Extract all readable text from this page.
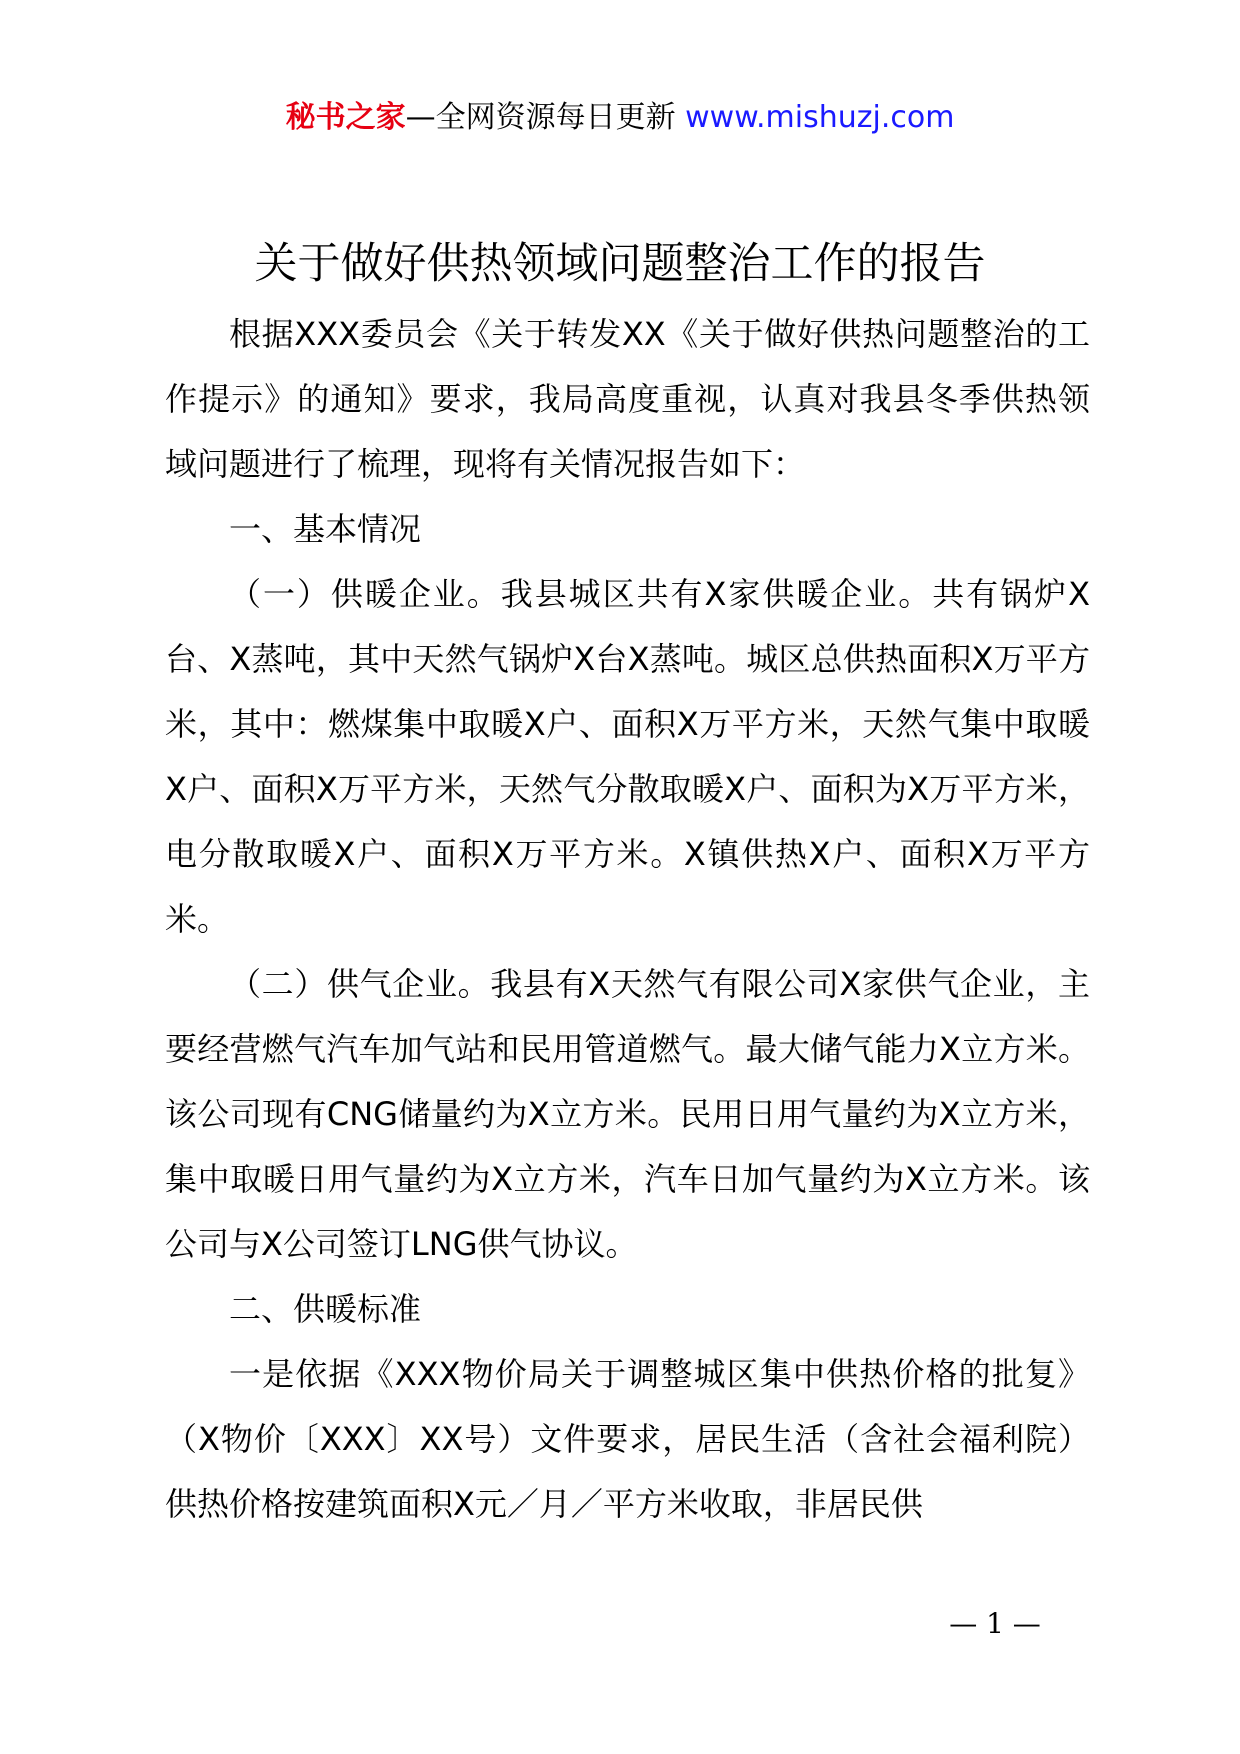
秘书之家—全网资源每日更新 www.mishuzj.com
关于做好供热领域问题整治工作的报告

根据XXX委员会《关于转发XX《关于做好供热问题整治的工作提示》的通知》要求，我局高度重视，认真对我县冬季供热领域问题进行了梳理，现将有关情况报告如下：

一、基本情况

（一）供暖企业。我县城区共有X家供暖企业。共有锅炉X台、X蒸吨，其中天然气锅炉X台X蒸吨。城区总供热面积X万平方米，其中：燃煤集中取暖X户、面积X万平方米，天然气集中取暖X户、面积X万平方米，天然气分散取暖X户、面积为X万平方米，电分散取暖X户、面积X万平方米。X镇供热X户、面积X万平方米。

（二）供气企业。我县有X天然气有限公司X家供气企业，主要经营燃气汽车加气站和民用管道燃气。最大储气能力X立方米。该公司现有CNG储量约为X立方米。民用日用气量约为X立方米，集中取暖日用气量约为X立方米，汽车日加气量约为X立方米。该公司与X公司签订LNG供气协议。

二、供暖标准

一是依据《XXX物价局关于调整城区集中供热价格的批复》（X物价〔XXX〕XX号）文件要求，居民生活（含社会福利院）供热价格按建筑面积X元／月／平方米收取，非居民供

— 1 —
